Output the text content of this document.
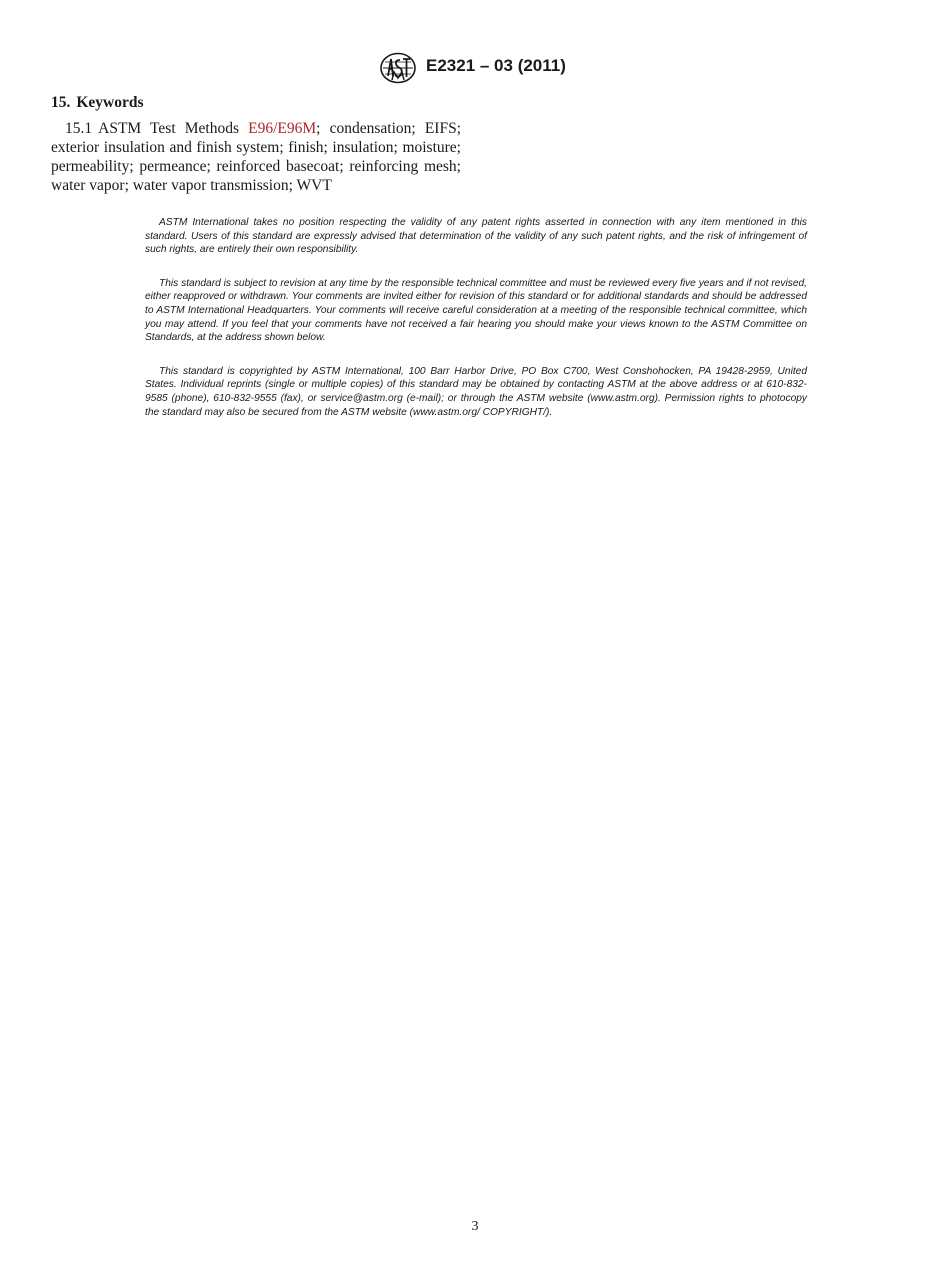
E2321 – 03 (2011)
15. Keywords

15.1 ASTM Test Methods E96/E96M; condensation; EIFS; exterior insulation and finish system; finish; insulation; moisture; permeability; permeance; reinforced basecoat; reinforcing mesh; water vapor; water vapor transmission; WVT

ASTM International takes no position respecting the validity of any patent rights asserted in connection with any item mentioned in this standard. Users of this standard are expressly advised that determination of the validity of any such patent rights, and the risk of infringement of such rights, are entirely their own responsibility.

This standard is subject to revision at any time by the responsible technical committee and must be reviewed every five years and if not revised, either reapproved or withdrawn. Your comments are invited either for revision of this standard or for additional standards and should be addressed to ASTM International Headquarters. Your comments will receive careful consideration at a meeting of the responsible technical committee, which you may attend. If you feel that your comments have not received a fair hearing you should make your views known to the ASTM Committee on Standards, at the address shown below.

This standard is copyrighted by ASTM International, 100 Barr Harbor Drive, PO Box C700, West Conshohocken, PA 19428-2959, United States. Individual reprints (single or multiple copies) of this standard may be obtained by contacting ASTM at the above address or at 610-832-9585 (phone), 610-832-9555 (fax), or service@astm.org (e-mail); or through the ASTM website (www.astm.org). Permission rights to photocopy the standard may also be secured from the ASTM website (www.astm.org/ COPYRIGHT/).

3
